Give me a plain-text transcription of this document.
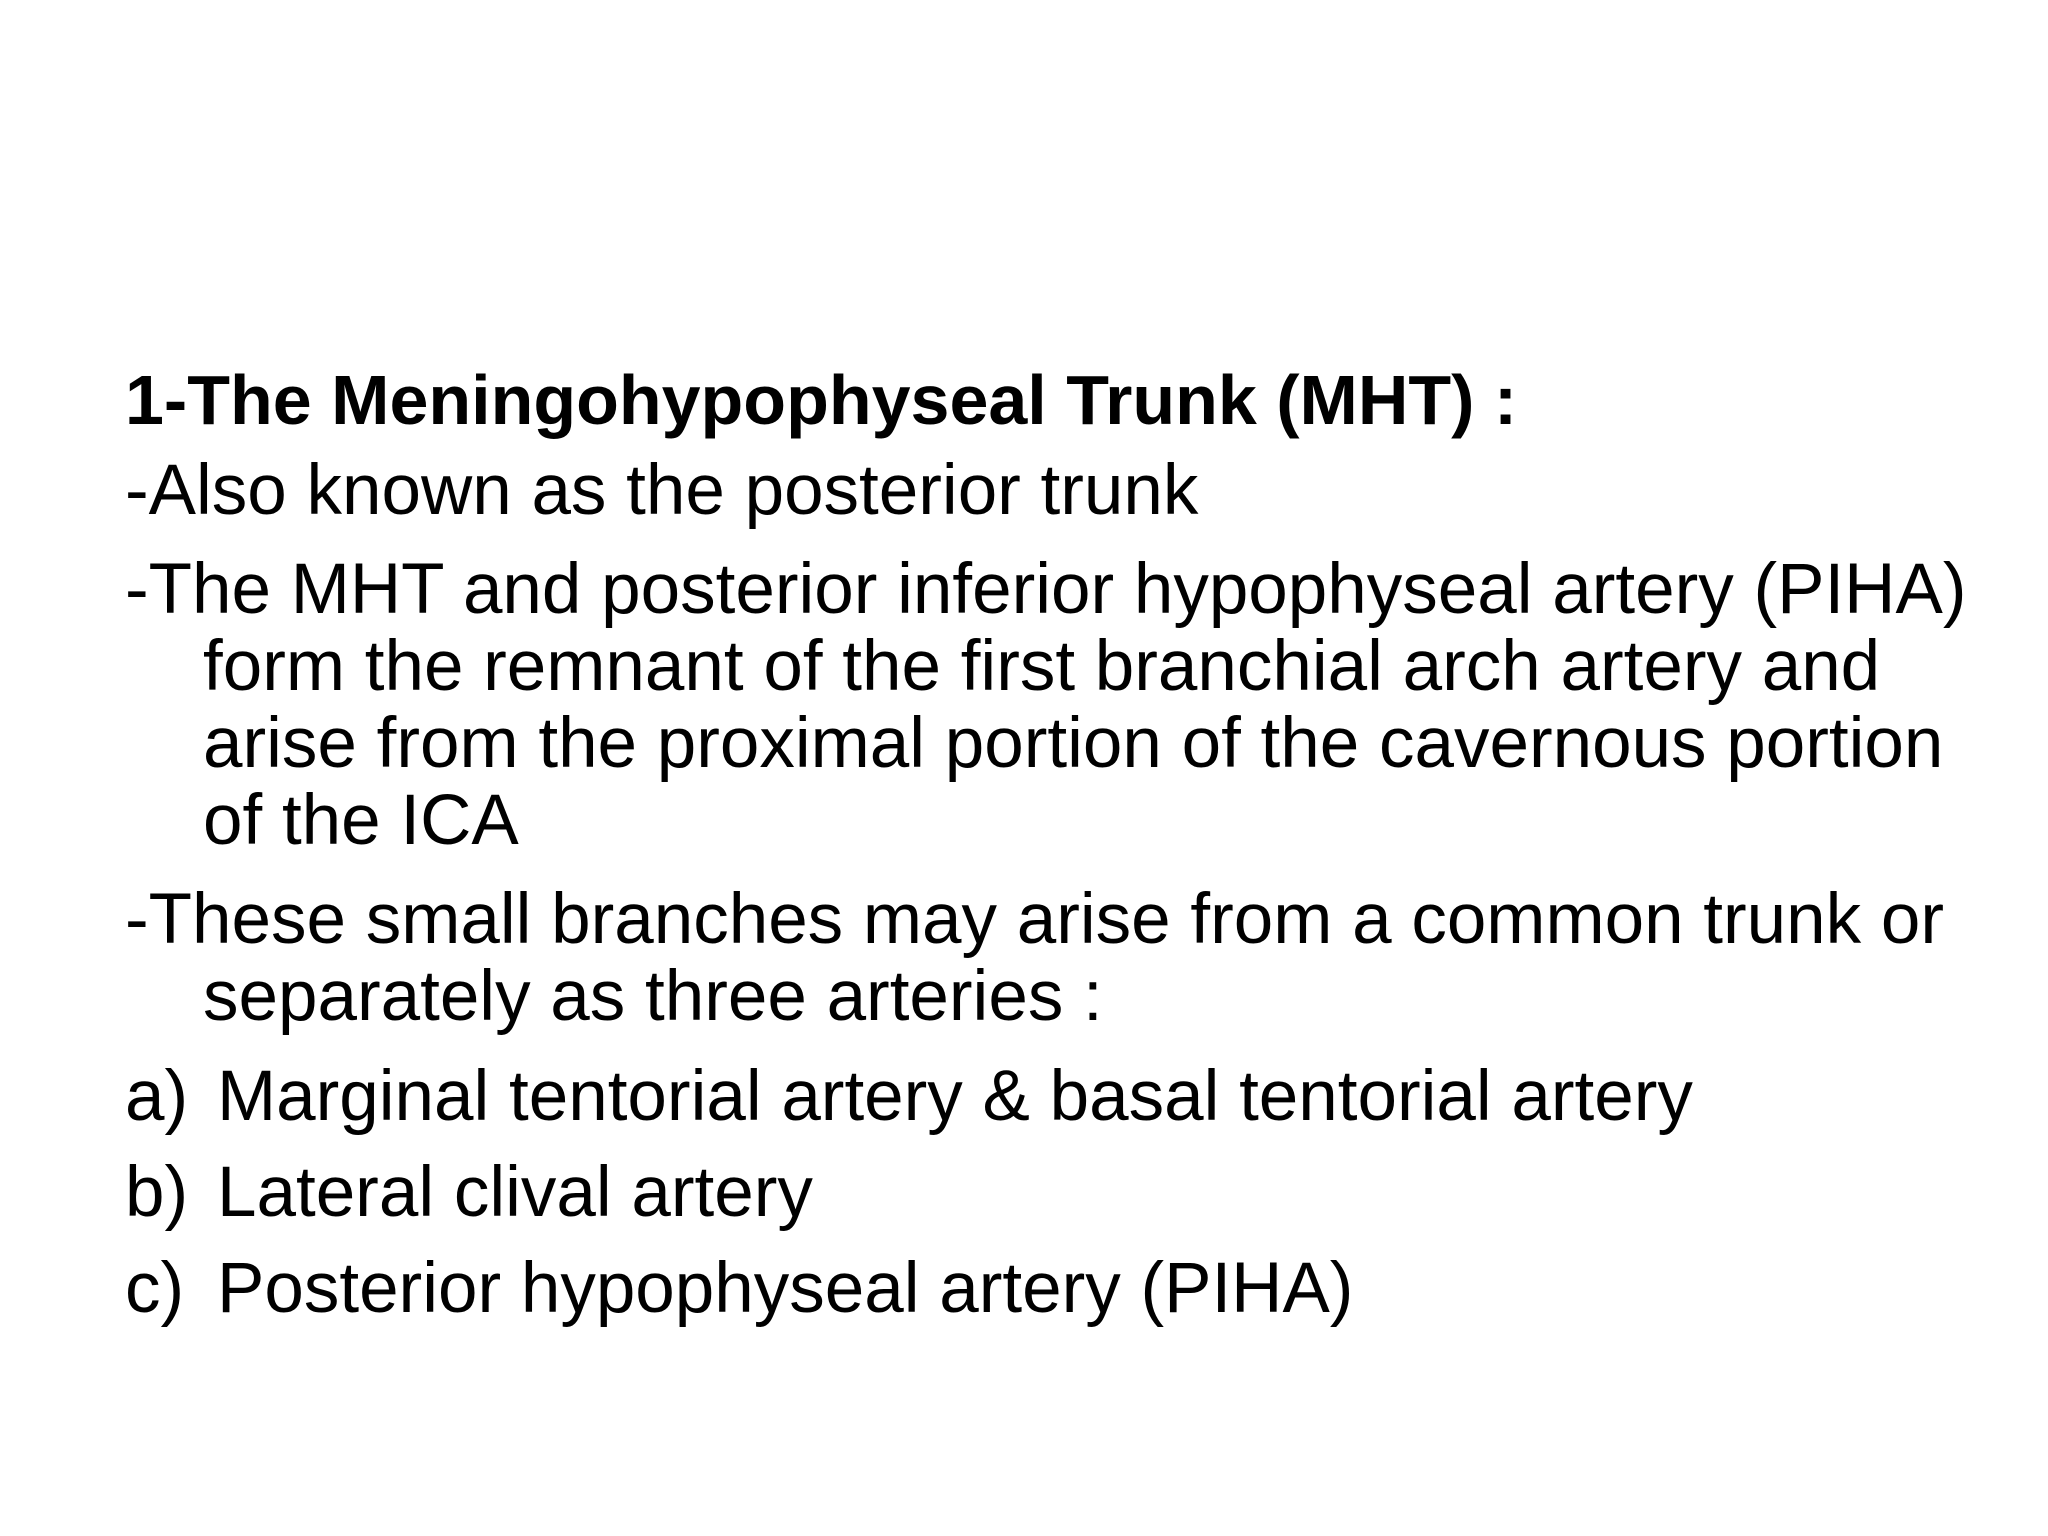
1-The Meningohypophyseal Trunk (MHT) :
-Also known as the posterior trunk
-The MHT and posterior inferior hypophyseal artery (PIHA) form the remnant of the first branchial arch artery and arise from the proximal portion of the cavernous portion of the ICA
-These small branches may arise from a common trunk or separately as three arteries :
a) Marginal tentorial artery & basal tentorial artery
b) Lateral clival artery
c) Posterior hypophyseal artery (PIHA)
